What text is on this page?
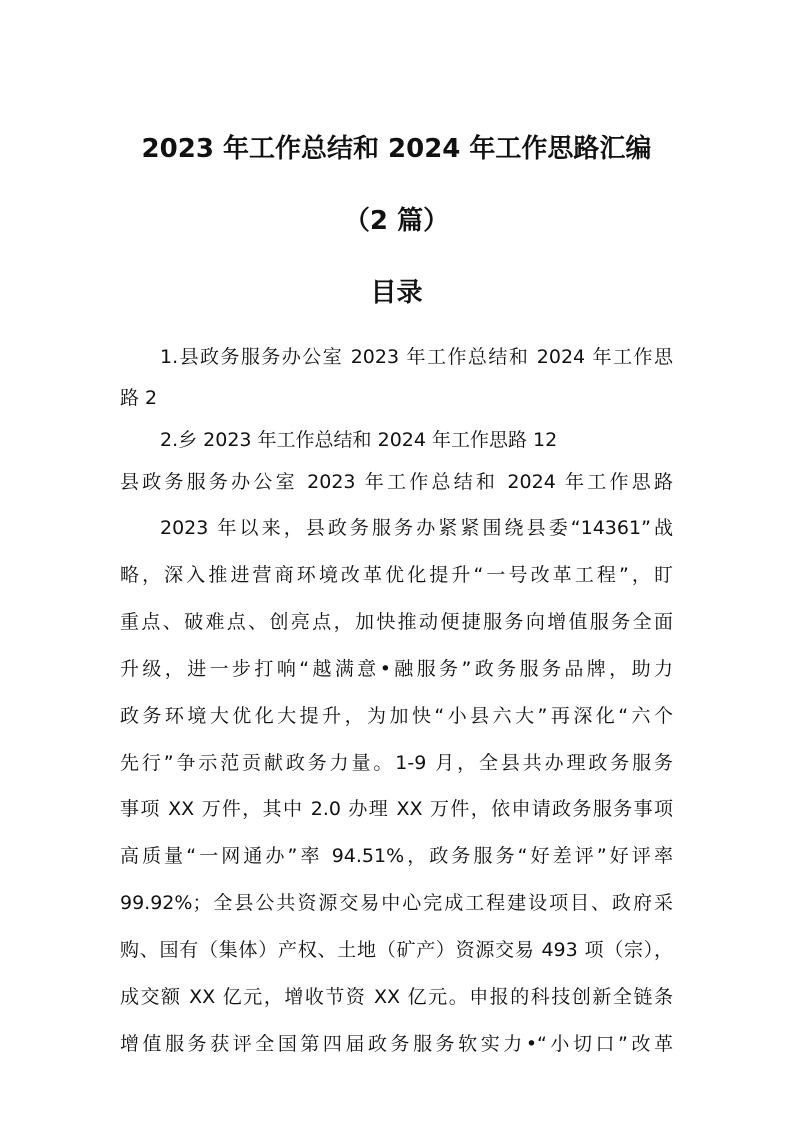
2023 年工作总结和 2024 年工作思路汇编
（2 篇）
目录
1.县政务服务办公室 2023 年工作总结和 2024 年工作思
路 2
2.乡 2023 年工作总结和 2024 年工作思路 12
县政务服务办公室 2023 年工作总结和 2024 年工作思路
2023 年以来，县政务服务办紧紧围绕县委“14361”战
略，深入推进营商环境改革优化提升“一号改革工程”，盯
重点、破难点、创亮点，加快推动便捷服务向增值服务全面
升级，进一步打响“越满意•融服务”政务服务品牌，助力
政务环境大优化大提升，为加快“小县六大”再深化“六个
先行”争示范贡献政务力量。1-9 月，全县共办理政务服务
事项 XX 万件，其中 2.0 办理 XX 万件，依申请政务服务事项
高质量“一网通办”率 94.51%，政务服务“好差评”好评率
99.92%；全县公共资源交易中心完成工程建设项目、政府采
购、国有（集体）产权、土地（矿产）资源交易 493 项（宗），
成交额 XX 亿元，增收节资 XX 亿元。申报的科技创新全链条
增值服务获评全国第四届政务服务软实力•“小切口”改革
